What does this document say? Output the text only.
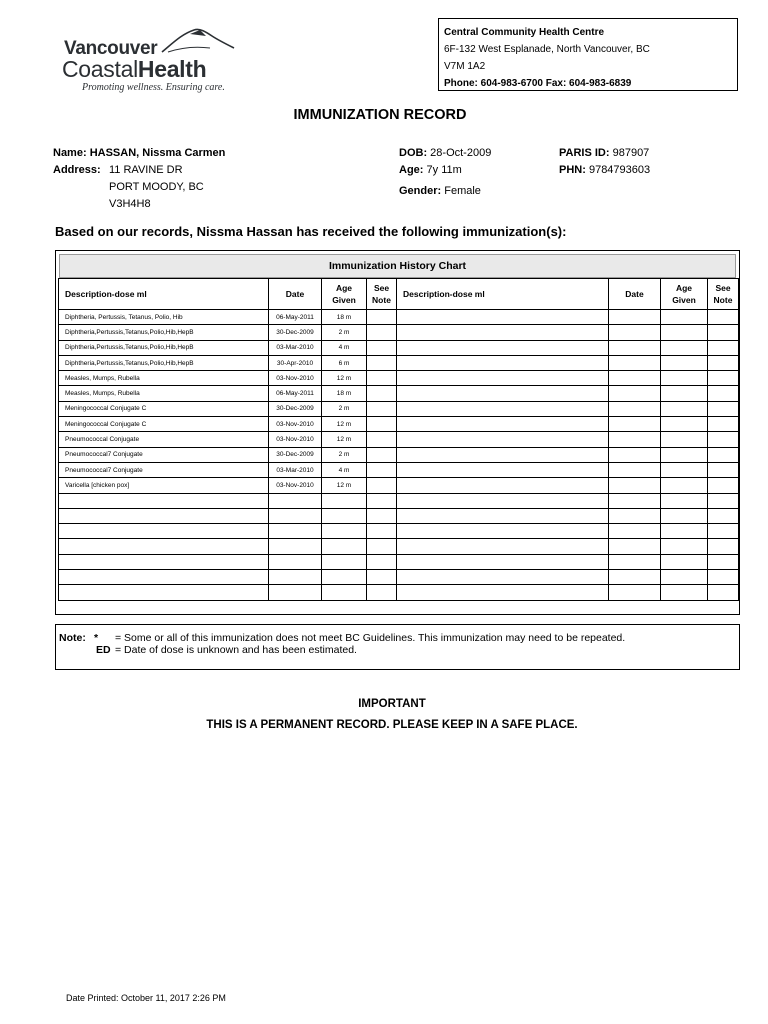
Vancouver
CoastalHealth
Promoting wellness. Ensuring care.
Central Community Health Centre
6F-132 West Esplanade, North Vancouver, BC
V7M 1A2
Phone: 604-983-6700 Fax: 604-983-6839
IMMUNIZATION RECORD
Name: HASSAN, Nissma Carmen
Address: 11 RAVINE DR
PORT MOODY, BC
V3H4H8
DOB: 28-Oct-2009
Age: 7y 11m
Gender: Female
PARIS ID: 987907
PHN: 9784793603
Based on our records, Nissma Hassan has received the following immunization(s):
Immunization History Chart
Description-dose ml	Date	Age Given	See Note	Description-dose ml	Date	Age Given	See Note
Diphtheria, Pertussis, Tetanus, Polio, Hib	06-May-2011	18 m					
Diphtheria,Pertussis,Tetanus,Polio,Hib,HepB	30-Dec-2009	2 m					
Diphtheria,Pertussis,Tetanus,Polio,Hib,HepB	03-Mar-2010	4 m					
Diphtheria,Pertussis,Tetanus,Polio,Hib,HepB	30-Apr-2010	6 m					
Measles, Mumps, Rubella	03-Nov-2010	12 m					
Measles, Mumps, Rubella	06-May-2011	18 m					
Meningococcal Conjugate C	30-Dec-2009	2 m					
Meningococcal Conjugate C	03-Nov-2010	12 m					
Pneumococcal Conjugate	03-Nov-2010	12 m					
Pneumococcal7 Conjugate	30-Dec-2009	2 m					
Pneumococcal7 Conjugate	03-Mar-2010	4 m					
Varicella [chicken pox]	03-Nov-2010	12 m					

Note: * = Some or all of this immunization does not meet BC Guidelines. This immunization may need to be repeated.
ED = Date of dose is unknown and has been estimated.
IMPORTANT
THIS IS A PERMANENT RECORD. PLEASE KEEP IN A SAFE PLACE.
Date Printed: October 11, 2017 2:26 PM
